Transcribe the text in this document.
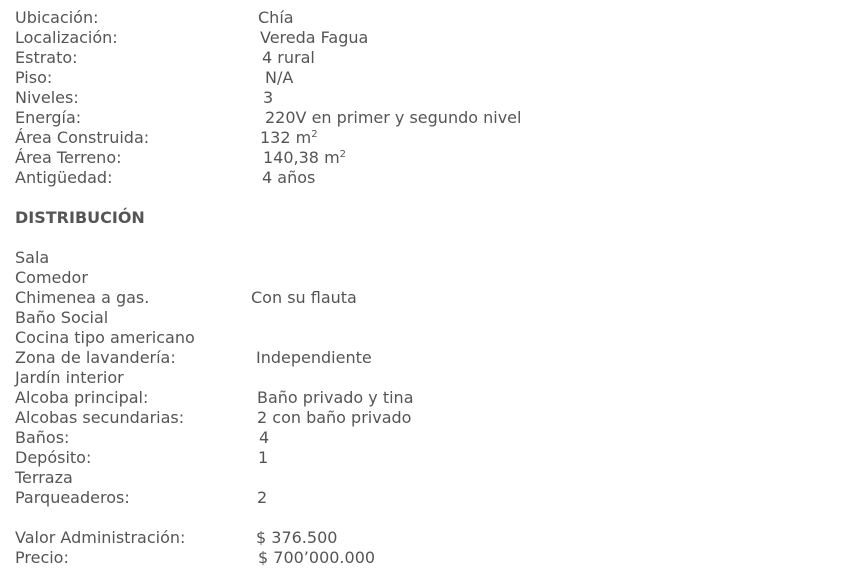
Ubicación:	Chía
Localización:	Vereda Fagua
Estrato:	4 rural
Piso:	N/A
Niveles:	3
Energía:	220V en primer y segundo nivel
Área Construida:	132 $m^2$
Área Terreno:	140,38 $m^2$
Antigüedad:	4 años
DISTRIBUCIÓN
Sala
Comedor
Chimenea a gas.	Con su flauta
Baño Social
Cocina tipo americano
Zona de lavandería:	Independiente
Jardín interior
Alcoba principal:	Baño privado y tina
Alcobas secundarias:	2 con baño privado
Baños:	4
Depósito:	1
Terraza
Parqueaderos:	2
Valor Administración:	$ 376.500
Precio:	$ 700’000.000
